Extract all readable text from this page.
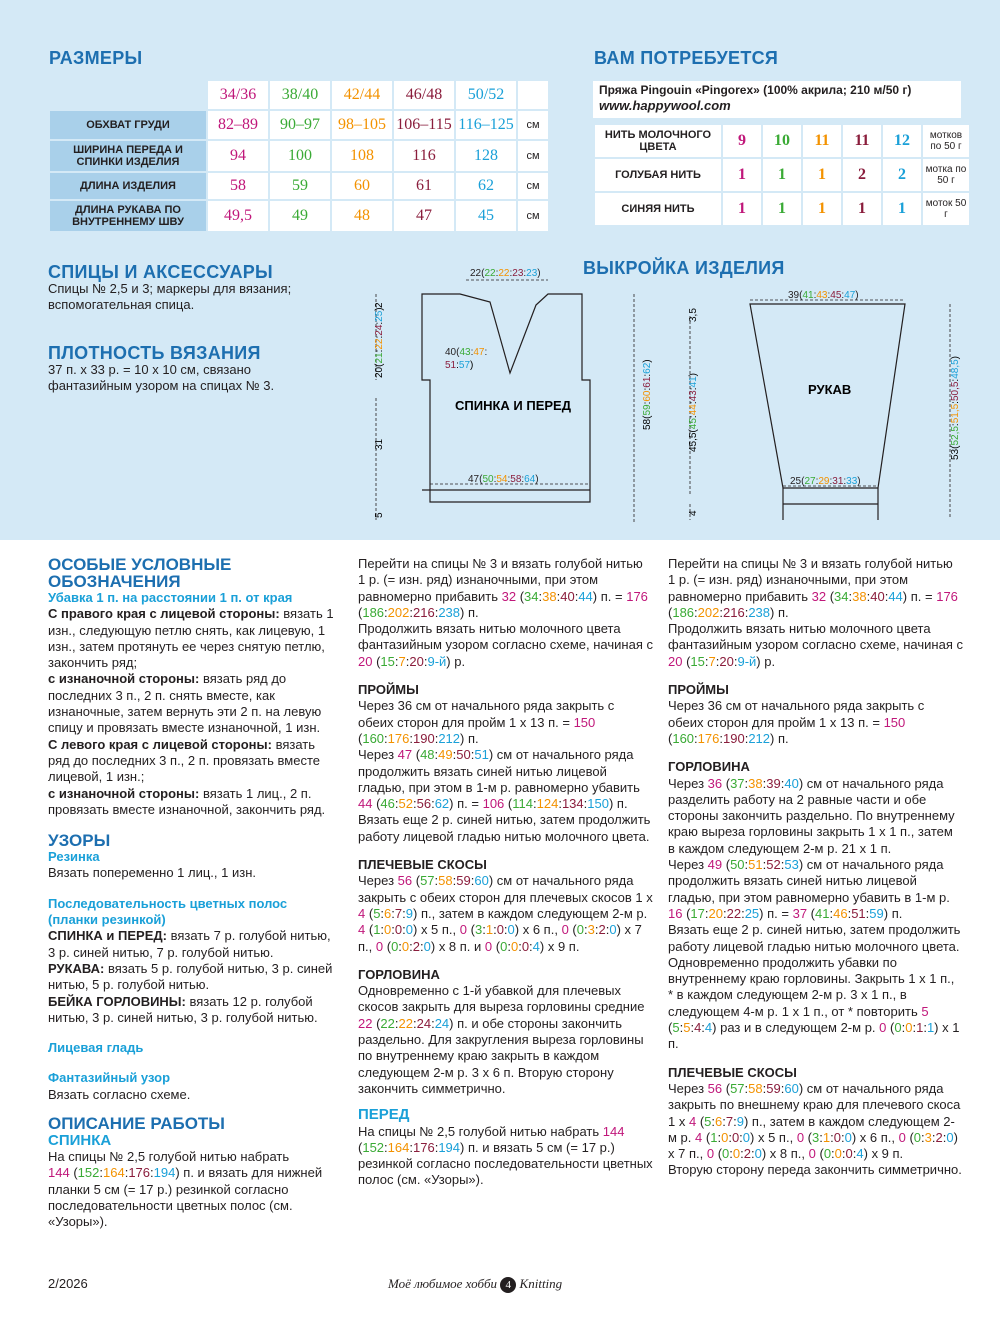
РАЗМЕРЫ
	34/36	38/40	42/44	46/48	50/52	
ОБХВАТ ГРУДИ	82–89	90–97	98–105	106–115	116–125	см
ШИРИНА ПЕРЕДА И СПИНКИ ИЗДЕЛИЯ	94	100	108	116	128	см
ДЛИНА ИЗДЕЛИЯ	58	59	60	61	62	см
ДЛИНА РУКАВА ПО ВНУТРЕННЕМУ ШВУ	49,5	49	48	47	45	см
ВАМ ПОТРЕБУЕТСЯ
Пряжа Pingouin «Pingorex» (100% акрила; 210 м/50 г)
www.happywool.com
НИТЬ МОЛОЧНОГО ЦВЕТА	9	10	11	11	12	мотков по 50 г
ГОЛУБАЯ НИТЬ	1	1	1	2	2	мотка по 50 г
СИНЯЯ НИТЬ	1	1	1	1	1	моток 50 г
СПИЦЫ И АКСЕССУАРЫ
Спицы № 2,5 и 3; маркеры для вязания; вспомогательная спица.
ПЛОТНОСТЬ ВЯЗАНИЯ
37 п. х 33 р. = 10 х 10 см, связано фантазийным узором на спицах № 3.
ВЫКРОЙКА ИЗДЕЛИЯ
22(22:22:23:23)
40(43:47:
51:57)
СПИНКА И ПЕРЕД
47(50:54:58:64)
39(41:43:45:47)
РУКАВ
25(27:29:31:33)
20(21:22:24:25)
2
31
5
58(59:60:61:62)
3,5
45,5(45:44:43:41)
4
53(52,5:51,5:50,5:48,5)

ОСОБЫЕ УСЛОВНЫЕ ОБОЗНАЧЕНИЯ

Убавка 1 п. на расстоянии 1 п. от края

С правого края с лицевой стороны: вязать 1 изн., следующую петлю снять, как лицевую, 1 изн., затем протянуть ее через снятую петлю, закончить ряд;

с изнаночной стороны: вязать ряд до последних 3 п., 2 п. снять вместе, как изнаночные, затем вернуть эти 2 п. на левую спицу и провязать вместе изнаночной, 1 изн.

С левого края с лицевой стороны: вязать ряд до последних 3 п., 2 п. провязать вместе лицевой, 1 изн.;

с изнаночной стороны: вязать 1 лиц., 2 п. провязать вместе изнаночной, закончить ряд.

УЗОРЫ

Резинка

Вязать попеременно 1 лиц., 1 изн.

Последовательность цветных полос (планки резинкой)

СПИНКА и ПЕРЕД: вязать 7 р. голубой нитью, 3 р. синей нитью, 7 р. голубой нитью.

РУКАВА: вязать 5 р. голубой нитью, 3 р. синей нитью, 5 р. голубой нитью.

БЕЙКА ГОРЛОВИНЫ: вязать 12 р. голубой нитью, 3 р. синей нитью, 3 р. голубой нитью.

Лицевая гладь

Фантазийный узор

Вязать согласно схеме.

ОПИСАНИЕ РАБОТЫ

СПИНКА

На спицы № 2,5 голубой нитью набрать
144 (152:164:176:194) п. и вязать для нижней планки 5 см (= 17 р.) резинкой согласно последовательности цветных полос (см. «Узоры»).

Перейти на спицы № 3 и вязать голубой нитью 1 р. (= изн. ряд) изнаночными, при этом равномерно прибавить 32 (34:38:40:44) п. = 176 (186:202:216:238) п.

Продолжить вязать нитью молочного цвета фантазийным узором согласно схеме, начиная с 20 (15:7:20:9-й) р.

ПРОЙМЫ

Через 36 см от начального ряда закрыть с обеих сторон для пройм 1 х 13 п. = 150 (160:176:190:212) п.

Через 47 (48:49:50:51) см от начального ряда продолжить вязать синей нитью лицевой гладью, при этом в 1-м р. равномерно убавить 44 (46:52:56:62) п. = 106 (114:124:134:150) п.

Вязать еще 2 р. синей нитью, затем продолжить работу лицевой гладью нитью молочного цвета.

ПЛЕЧЕВЫЕ СКОСЫ

Через 56 (57:58:59:60) см от начального ряда закрыть с обеих сторон для плечевых скосов 1 х 4 (5:6:7:9) п., затем в каждом следующем 2-м р. 4 (1:0:0:0) х 5 п., 0 (3:1:0:0) х 6 п., 0 (0:3:2:0) х 7 п., 0 (0:0:2:0) х 8 п. и 0 (0:0:0:4) х 9 п.

ГОРЛОВИНА

Одновременно с 1-й убавкой для плечевых скосов закрыть для выреза горловины средние 22 (22:22:24:24) п. и обе стороны закончить раздельно. Для закругления выреза горловины по внутреннему краю закрыть в каждом следующем 2-м р. 3 х 6 п. Вторую сторону закончить симметрично.

ПЕРЕД

На спицы № 2,5 голубой нитью набрать 144 (152:164:176:194) п. и вязать 5 см (= 17 р.) резинкой согласно последовательности цветных полос (см. «Узоры»).

Перейти на спицы № 3 и вязать голубой нитью 1 р. (= изн. ряд) изнаночными, при этом равномерно прибавить 32 (34:38:40:44) п. = 176 (186:202:216:238) п.

Продолжить вязать нитью молочного цвета фантазийным узором согласно схеме, начиная с 20 (15:7:20:9-й) р.

ПРОЙМЫ

Через 36 см от начального ряда закрыть с обеих сторон для пройм 1 х 13 п. = 150 (160:176:190:212) п.

ГОРЛОВИНА

Через 36 (37:38:39:40) см от начального ряда разделить работу на 2 равные части и обе стороны закончить раздельно. По внутреннему краю выреза горловины закрыть 1 х 1 п., затем в каждом следующем 2-м р. 21 х 1 п.

Через 49 (50:51:52:53) см от начального ряда продолжить вязать синей нитью лицевой гладью, при этом равномерно убавить в 1-м р. 16 (17:20:22:25) п. = 37 (41:46:51:59) п.

Вязать еще 2 р. синей нитью, затем продолжить работу лицевой гладью нитью молочного цвета.

Одновременно продолжить убавки по внутреннему краю горловины. Закрыть 1 х 1 п., * в каждом следующем 2-м р. 3 х 1 п., в следующем 4-м р. 1 х 1 п., от * повторить 5 (5:5:4:4) раз и в следующем 2-м р. 0 (0:0:1:1) х 1 п.

ПЛЕЧЕВЫЕ СКОСЫ

Через 56 (57:58:59:60) см от начального ряда закрыть по внешнему краю для плечевого скоса 1 х 4 (5:6:7:9) п., затем в каждом следующем 2-м р. 4 (1:0:0:0) х 5 п., 0 (3:1:0:0) х 6 п., 0 (0:3:2:0) х 7 п., 0 (0:0:2:0) х 8 п., 0 (0:0:0:4) х 9 п.

Вторую сторону переда закончить симметрично.

2/2026	Моё любимое хобби 4 Knitting
